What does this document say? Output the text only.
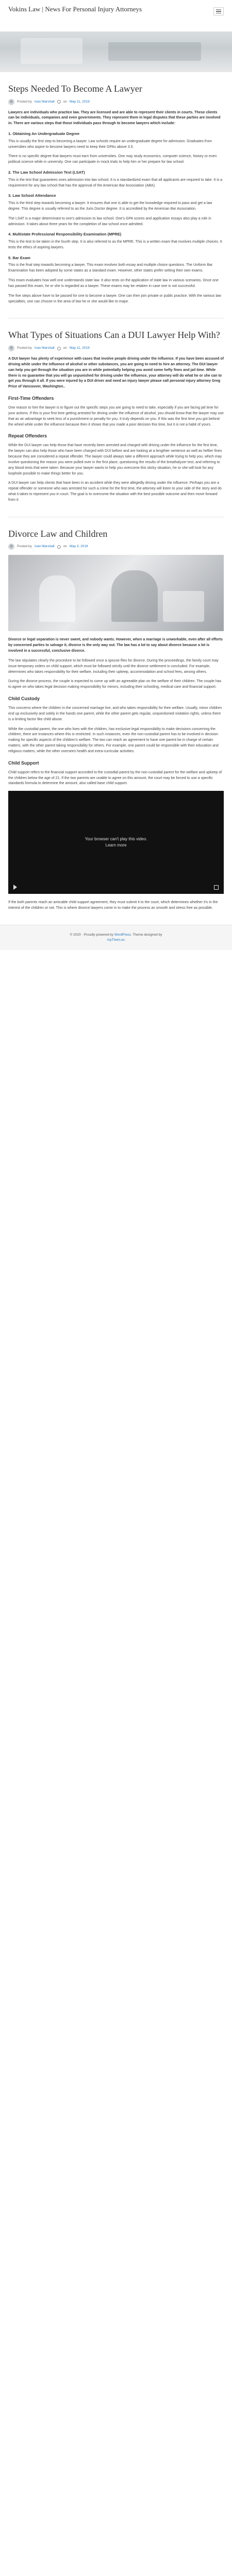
Vokins Law | News For Personal Injury Attorneys
Steps Needed To Become A Lawyer
Posted by Ivan Marshall	on May 11, 2019

Lawyers are individuals who practice law. They are licensed and are able to represent their clients in courts. These clients can be individuals, companies and even governments. They represent them in legal disputes that these parties are involved in. There are various steps that those individuals pass through to become lawyers which include:

1. Obtaining An Undergraduate Degree

This is usually the first step to becoming a lawyer. Law schools require an undergraduate degree for admission. Graduates from universities who aspire to become lawyers need to keep their GPAs above 3.5.

There is no specific degree that lawyers must earn from universities. One may study economics, computer science, history or even political science while in university. One can participate in mock trials to help him or her prepare for law school.

2. The Law School Admission Test (LSAT)

This is the test that guarantees ones admission into law school. It is a standardized exam that all applicants are required to take. It is a requirement for any law school that has the approval of the American Bar Association (ABA).

3. Law School Attendance

This is the third step towards becoming a lawyer. It ensures that one is able to get the knowledge required to pass and get a law degree. This degree is usually referred to as the Juris Doctor degree. It is accredited by the American Bar Association.

The LSAT is a major determinant to one's admission to law school. One's GPA scores and application essays also play a role in admission. It takes about three years for the completion of law school once admitted.

4. Multistate Professional Responsibility Examination (MPRE)

This is the test to be taken in the fourth step. It is also referred to as the MPRE. This is a written exam that involves multiple choices. It tests the ethics of aspiring lawyers.

5. Bar Exam

This is the final step towards becoming a lawyer. This exam involves both essay and multiple choice questions. The Uniform Bar Examination has been adopted by some states as a standard exam. However, other states prefer setting their own exams.

This exam evaluates how well one understands state law. It also tests on the application of state law in various scenarios. Once one has passed this exam, he or she is regarded as a lawyer. These exams may be retaken in case one is not successful.

The five steps above have to be passed for one to become a lawyer. One can then join private or public practice. With the various law specialties, one can choose in the area of law he or she would like to major.

What Types of Situations Can a DUI Lawyer Help With?
Posted by Ivan Marshall	on May 11, 2019

A DUI lawyer has plenty of experience with cases that involve people driving under the influence. If you have been accused of driving while under the influence of alcohol or other substances, you are going to need to hire an attorney. The DUI lawyer can help you get through the situation you are in while potentially helping you avoid some hefty fines and jail time. While there is no guarantee that you will go unpunished for driving under the influence, your attorney will do what he or she can to get you through it all. If you were injured by a DUI driver and need an injury lawyer please call personal injury attorney Greg Price of Vancouver, Washington..

First-Time Offenders

One reason to hire the lawyer is to figure out the specific steps you are going to need to take, especially if you are facing jail time for your actions. If this is your first time getting arrested for driving under the influence of alcohol, you should know that the lawyer may use that as an advantage to seek less of a punishment or penalty for you. It truly depends on you. If this was the first time you got behind the wheel while under the influence because then it shows that you made a poor decision this time, but it is not a habit of yours.

Repeat Offenders

While the DUI lawyer can help those that have recently been arrested and charged with driving under the influence for the first time, the lawyer can also help those who have been charged with DUI before and are looking at a lengthier sentence as well as heftier fines because they are considered a repeat offender. The lawyer could always take a different approach while trying to help you, which may involve questioning the reason you were pulled over in the first place, questioning the results of the breathalyzer test, and referring to any blood tests that were taken. Because your lawyer wants to help you overcome this sticky situation, he or she will look for any loophole possible to make things better for you.

A DUI lawyer can help clients that have been in an accident while they were allegedly driving under the influence. Perhaps you are a repeat offender or someone who was arrested for such a crime for the first time, the attorney will listen to your side of the story and do what it takes to represent you in court. The goal is to overcome the situation with the best possible outcome and then move forward from it.

Divorce Law and Children
Posted by Ivan Marshall	on May 3, 2019

Divorce or legal separation is never sweet, and nobody wants. However, when a marriage is unworkable, even after all efforts by concerned parties to salvage it, divorce is the only way out. The law has a lot to say about divorce because a lot is involved in a successful, conclusive divorce.

The law stipulates clearly the procedure to be followed once a spouse files for divorce. During the proceedings, the family court may issue temporary orders on child support, which must be followed strictly until the divorce settlement is concluded. For example, determines who takes responsibility for their welfare, including their upkeep, accommodation and school fees, among others.

During the divorce process, the couple is expected to come up with an agreeable plan on the welfare of their children. The couple has to agree on who takes legal decision making responsibility for minors, including their schooling, medical care and financial support.

Child Custody

This concerns where the children in the concerned marriage live, and who takes responsibility for their welfare. Usually, minor children end up exclusively and solely in the hands one parent, while the other parent gets regular, unquestioned visitation rights, unless there is a limiting factor like child abuse.

While the custodial parent, the one who lives with the children, has exclusive legal responsibility to make decisions concerning the children, there are instances where this is restricted. In such instances, even the non-custodial parent has to be involved in decision making for specific aspects of the children's welfare. The two can reach an agreement to have one parent be in charge of certain matters, with the other parent taking responsibility for others. For example, one parent could be responsible with their education and religious matters, while the other oversees health and extra-curricular activities.

Child Support

Child support refers to the financial support accorded to the custodial parent by the non-custodial parent for the welfare and upkeep of the children below the age of 21. If the two parents are unable to agree on this amount, the court may be forced to use a specific standards formula to determine the amount, also called base child support.

Your browser can't play this video.
Learn more

If the both parents reach an amicable child support agreement, they must submit it to the court, which determines whether it's in the interest of the children or not. This is where divorce lawyers come in to make the process as smooth and stress free as possible.

© 2020 · Proudly powered by WordPress. Theme designed by
myThem.es
